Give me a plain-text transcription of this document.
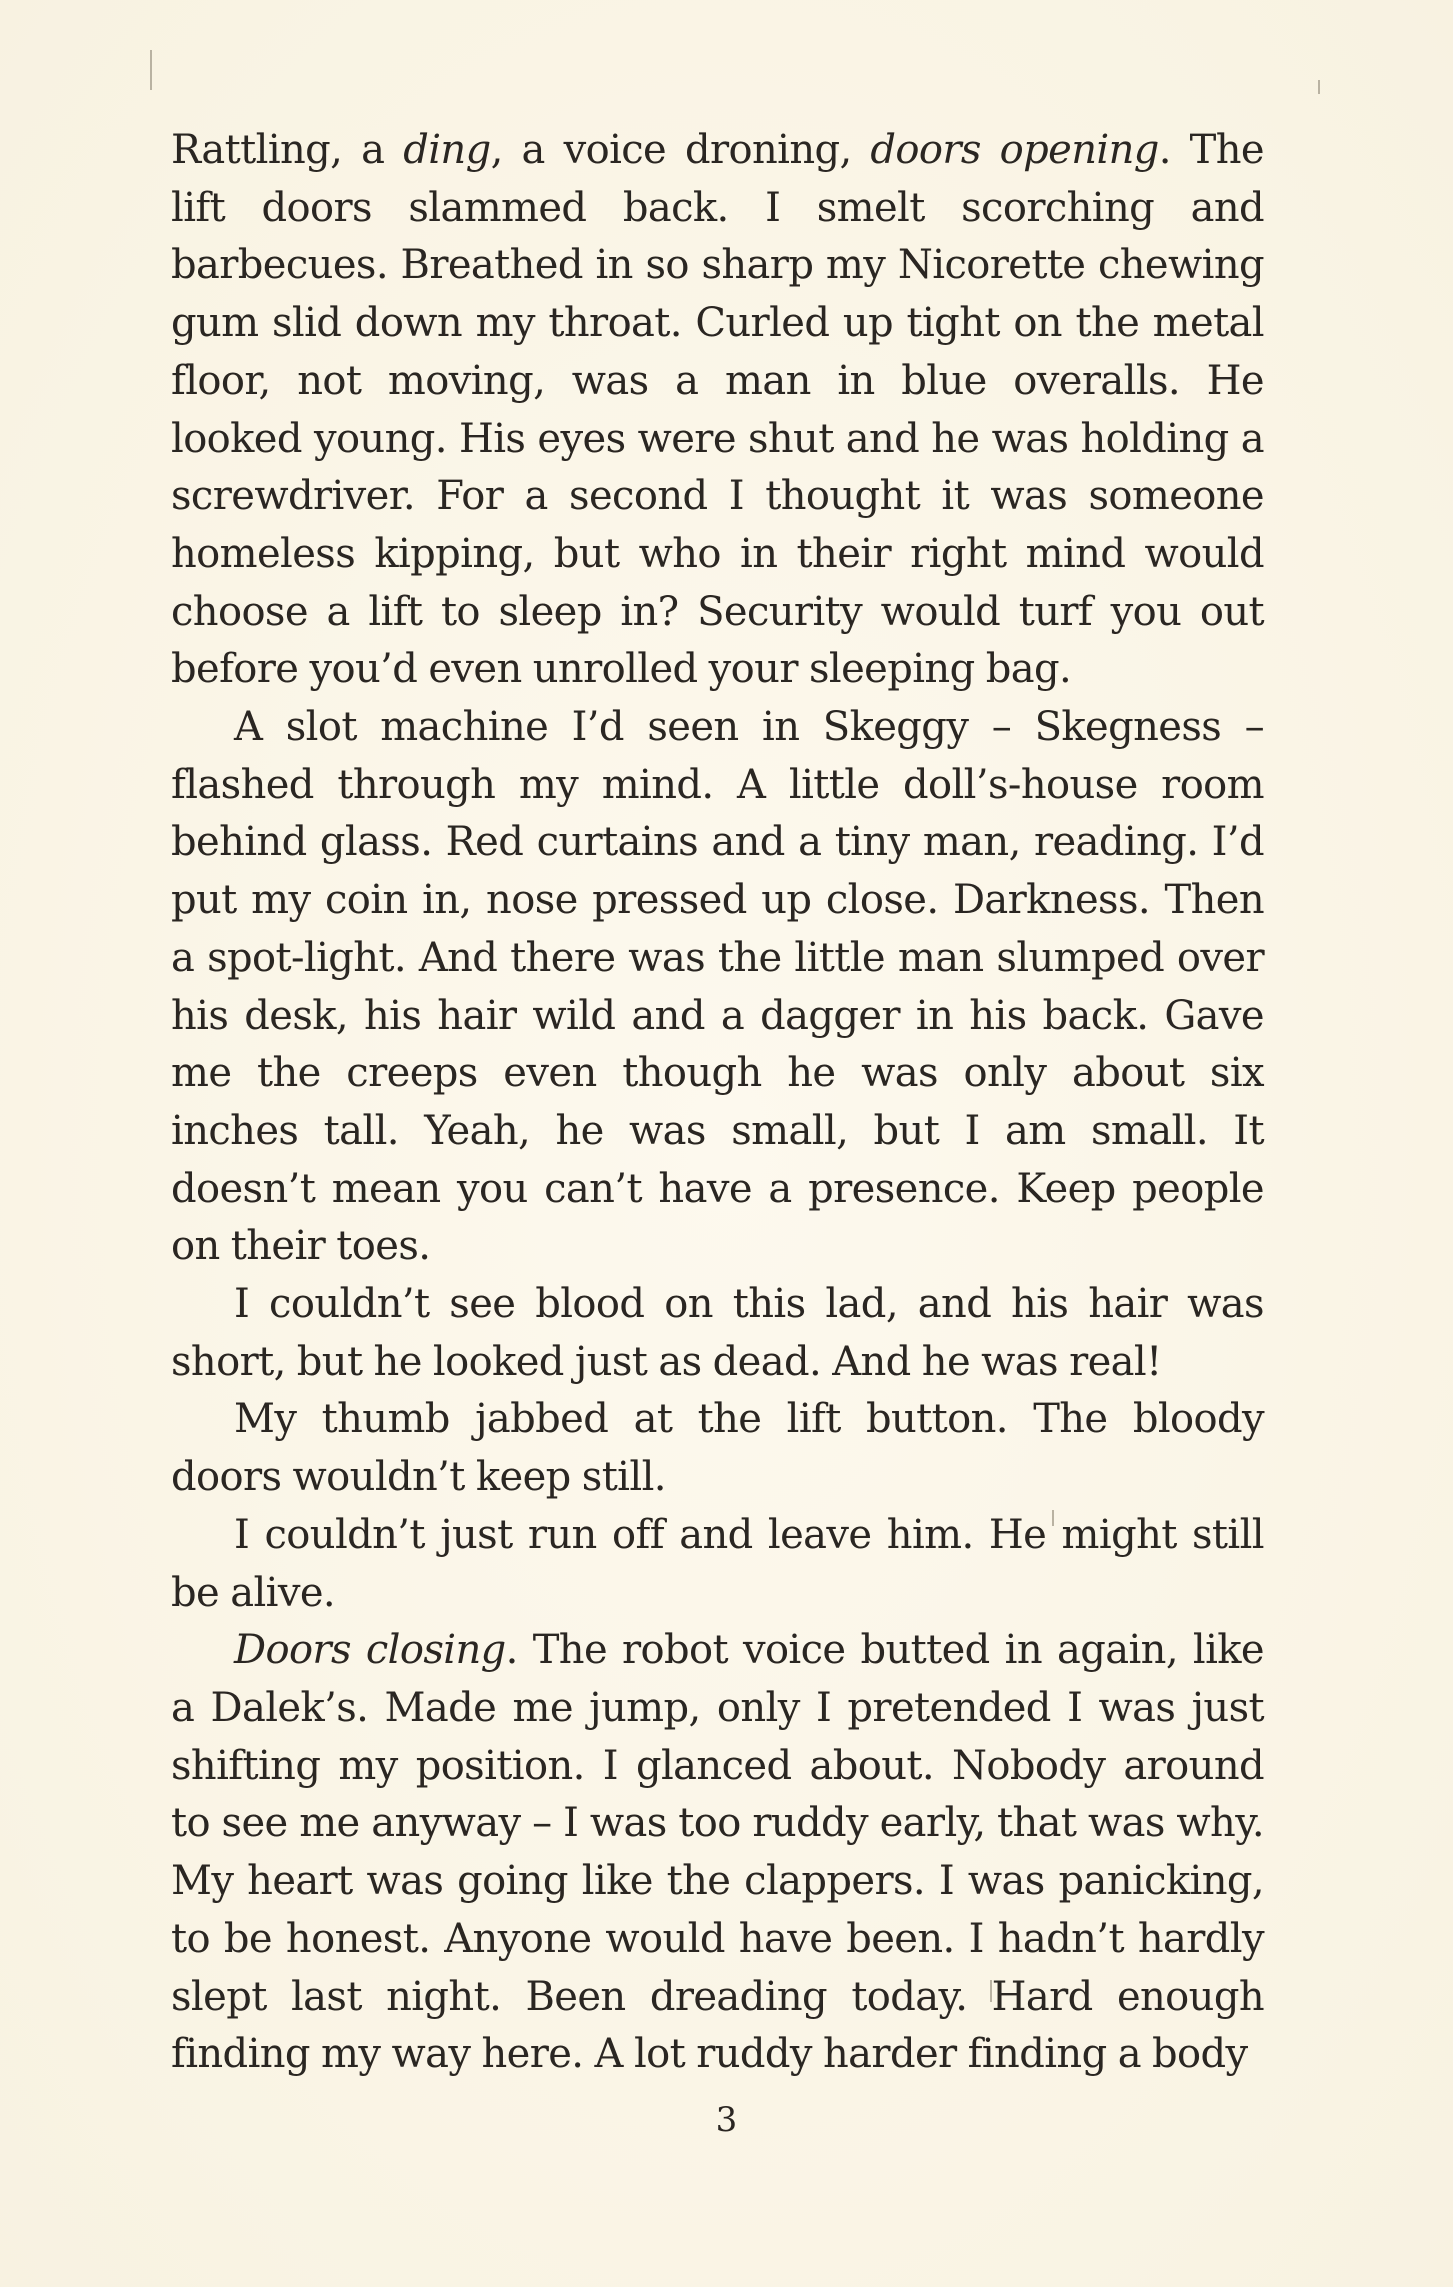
Rattling, a ding, a voice droning, doors opening. The lift doors slammed back. I smelt scorching and barbecues. Breathed in so sharp my Nicorette chewing gum slid down my throat. Curled up tight on the metal floor, not moving, was a man in blue overalls. He looked young. His eyes were shut and he was holding a screwdriver. For a second I thought it was someone homeless kipping, but who in their right mind would choose a lift to sleep in? Security would turf you out before you’d even unrolled your sleeping bag.

A slot machine I’d seen in Skeggy – Skegness – flashed through my mind. A little doll’s-house room behind glass. Red curtains and a tiny man, reading. I’d put my coin in, nose pressed up close. Darkness. Then a spot-light. And there was the little man slumped over his desk, his hair wild and a dagger in his back. Gave me the creeps even though he was only about six inches tall. Yeah, he was small, but I am small. It doesn’t mean you can’t have a presence. Keep people on their toes.

I couldn’t see blood on this lad, and his hair was short, but he looked just as dead. And he was real!

My thumb jabbed at the lift button. The bloody doors wouldn’t keep still.

I couldn’t just run off and leave him. He might still be alive.

Doors closing. The robot voice butted in again, like a Dalek’s. Made me jump, only I pretended I was just shifting my position. I glanced about. Nobody around to see me anyway – I was too ruddy early, that was why. My heart was going like the clappers. I was panicking, to be honest. Anyone would have been. I hadn’t hardly slept last night. Been dreading today. Hard enough finding my way here. A lot ruddy harder finding a body

3
